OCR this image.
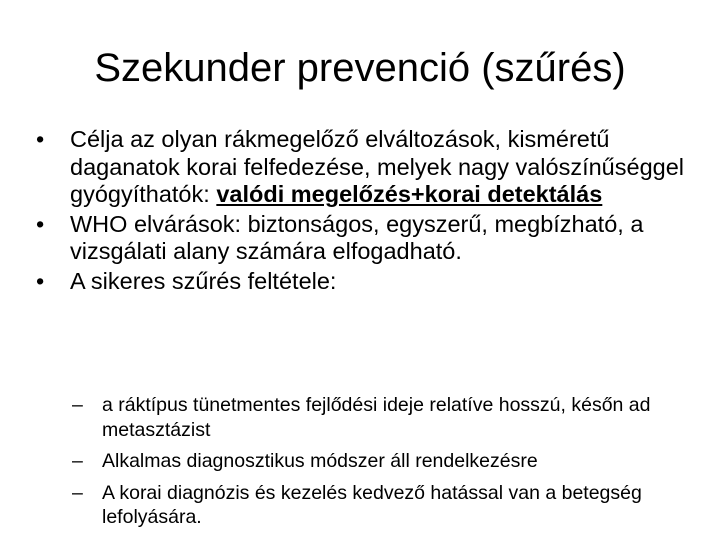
Szekunder prevenció (szűrés)
•	Célja az olyan rákmegelőző elváltozások, kisméretű daganatok korai felfedezése, melyek nagy valószínűséggel gyógyíthatók: valódi megelőzés+korai detektálás
•	WHO elvárások: biztonságos, egyszerű, megbízható, a vizsgálati alany számára elfogadható.
•	A sikeres szűrés feltétele:
– a ráktípus tünetmentes fejlődési ideje relatíve hosszú, későn ad metasztázist
– Alkalmas diagnosztikus módszer áll rendelkezésre
– A korai diagnózis és kezelés kedvező hatással van a betegség lefolyására.
